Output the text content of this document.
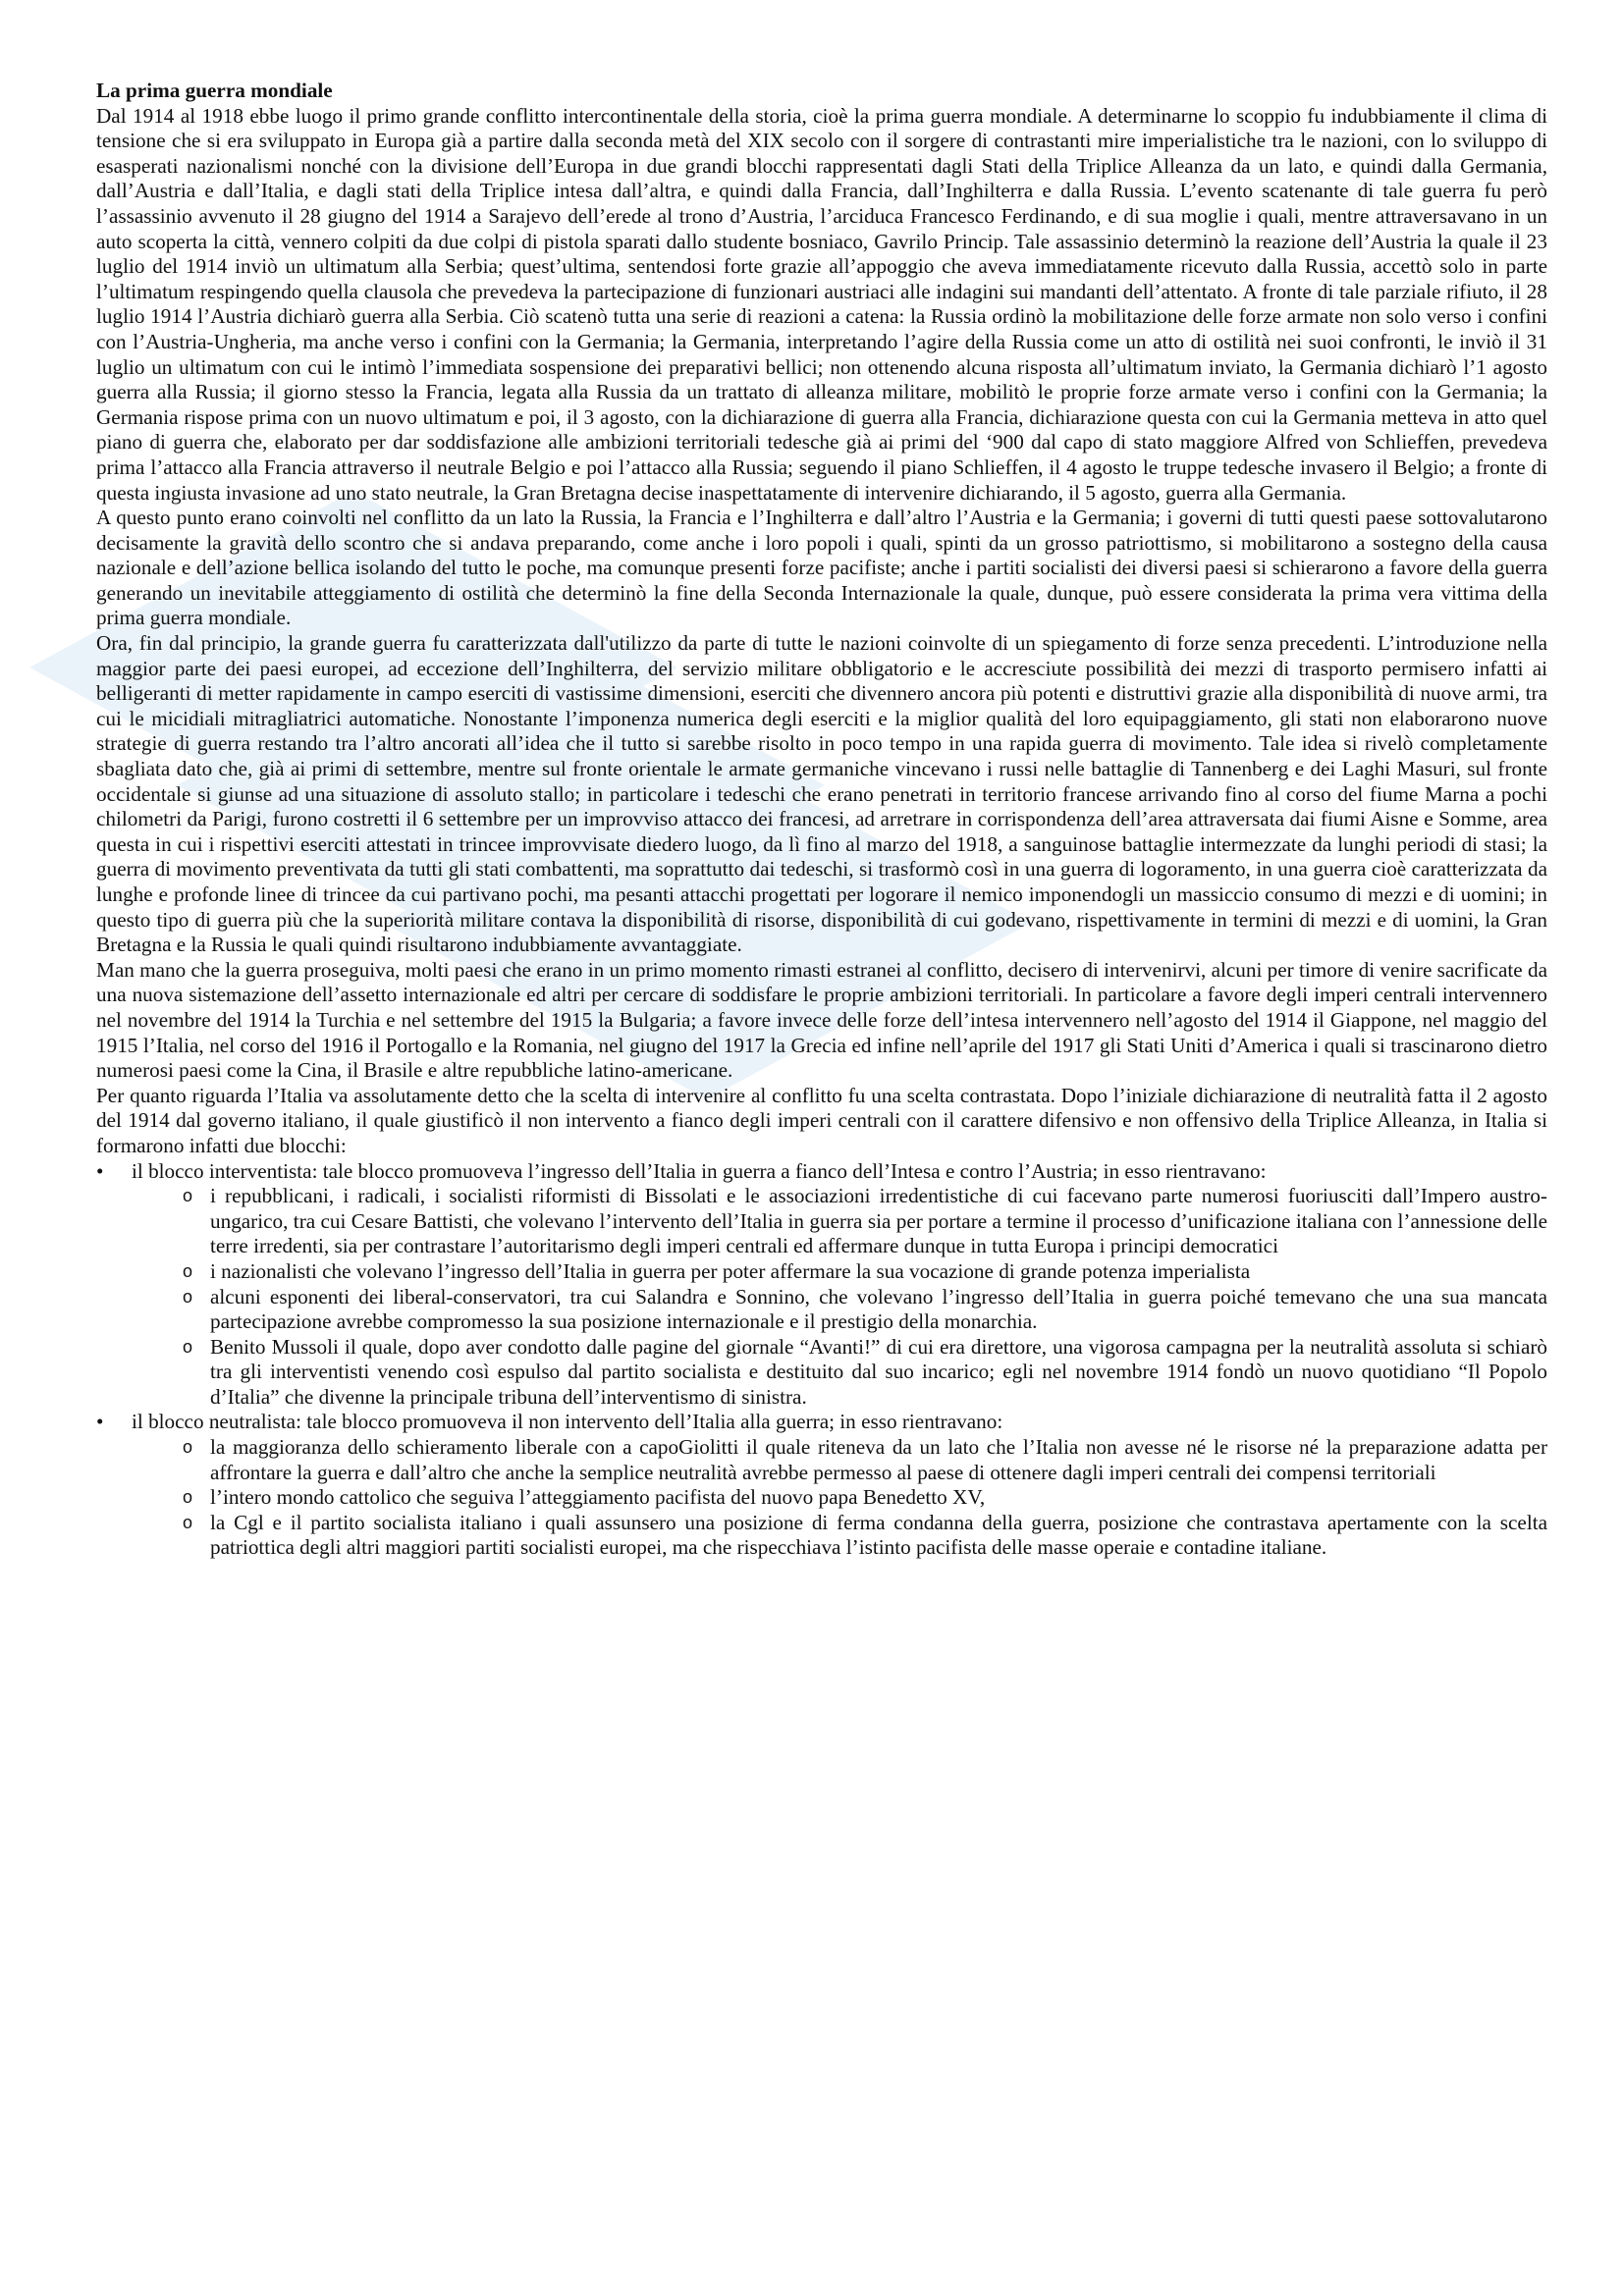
La prima guerra mondiale

Dal 1914 al 1918 ebbe luogo il primo grande conflitto intercontinentale della storia, cioè la prima guerra mondiale. A determinarne lo scoppio fu indubbiamente il clima di tensione che si era sviluppato in Europa già a partire dalla seconda metà del XIX secolo con il sorgere di contrastanti mire imperialistiche tra le nazioni, con lo sviluppo di esasperati nazionalismi nonché con la divisione dell’Europa in due grandi blocchi rappresentati dagli Stati della Triplice Alleanza da un lato, e quindi dalla Germania, dall’Austria e dall’Italia, e dagli stati della Triplice intesa dall’altra, e quindi dalla Francia, dall’Inghilterra e dalla Russia. L’evento scatenante di tale guerra fu però l’assassinio avvenuto il 28 giugno del 1914 a Sarajevo dell’erede al trono d’Austria, l’arciduca Francesco Ferdinando, e di sua moglie i quali, mentre attraversavano in un auto scoperta la città, vennero colpiti da due colpi di pistola sparati dallo studente bosniaco, Gavrilo Princip. Tale assassinio determinò la reazione dell’Austria la quale il 23 luglio del 1914 inviò un ultimatum alla Serbia; quest’ultima, sentendosi forte grazie all’appoggio che aveva immediatamente ricevuto dalla Russia, accettò solo in parte l’ultimatum respingendo quella clausola che prevedeva la partecipazione di funzionari austriaci alle indagini sui mandanti dell’attentato. A fronte di tale parziale rifiuto, il 28 luglio 1914 l’Austria dichiarò guerra alla Serbia. Ciò scatenò tutta una serie di reazioni a catena: la Russia ordinò la mobilitazione delle forze armate non solo verso i confini con l’Austria-Ungheria, ma anche verso i confini con la Germania; la Germania, interpretando l’agire della Russia come un atto di ostilità nei suoi confronti, le inviò il 31 luglio un ultimatum con cui le intimò l’immediata sospensione dei preparativi bellici; non ottenendo alcuna risposta all’ultimatum inviato, la Germania dichiarò l’1 agosto guerra alla Russia; il giorno stesso la Francia, legata alla Russia da un trattato di alleanza militare, mobilitò le proprie forze armate verso i confini con la Germania; la Germania rispose prima con un nuovo ultimatum e poi, il 3 agosto, con la dichiarazione di guerra alla Francia, dichiarazione questa con cui la Germania metteva in atto quel piano di guerra che, elaborato per dar soddisfazione alle ambizioni territoriali tedesche già ai primi del ‘900 dal capo di stato maggiore Alfred von Schlieffen, prevedeva prima l’attacco alla Francia attraverso il neutrale Belgio e poi l’attacco alla Russia; seguendo il piano Schlieffen, il 4 agosto le truppe tedesche invasero il Belgio; a fronte di questa ingiusta invasione ad uno stato neutrale, la Gran Bretagna decise inaspettatamente di intervenire dichiarando, il 5 agosto, guerra alla Germania.

A questo punto erano coinvolti nel conflitto da un lato la Russia, la Francia e l’Inghilterra e dall’altro l’Austria e la Germania; i governi di tutti questi paese sottovalutarono decisamente la gravità dello scontro che si andava preparando, come anche i loro popoli i quali, spinti da un grosso patriottismo, si mobilitarono a sostegno della causa nazionale e dell’azione bellica isolando del tutto le poche, ma comunque presenti forze pacifiste; anche i partiti socialisti dei diversi paesi si schierarono a favore della guerra generando un inevitabile atteggiamento di ostilità che determinò la fine della Seconda Internazionale la quale, dunque, può essere considerata la prima vera vittima della prima guerra mondiale.

Ora, fin dal principio, la grande guerra fu caratterizzata dall'utilizzo da parte di tutte le nazioni coinvolte di un spiegamento di forze senza precedenti. L’introduzione nella maggior parte dei paesi europei, ad eccezione dell’Inghilterra, del servizio militare obbligatorio e le accresciute possibilità dei mezzi di trasporto permisero infatti ai belligeranti di metter rapidamente in campo eserciti di vastissime dimensioni, eserciti che divennero ancora più potenti e distruttivi grazie alla disponibilità di nuove armi, tra cui le micidiali mitragliatrici automatiche. Nonostante l’imponenza numerica degli eserciti e la miglior qualità del loro equipaggiamento, gli stati non elaborarono nuove strategie di guerra restando tra l’altro ancorati all’idea che il tutto si sarebbe risolto in poco tempo in una rapida guerra di movimento. Tale idea si rivelò completamente sbagliata dato che, già ai primi di settembre, mentre sul fronte orientale le armate germaniche vincevano i russi nelle battaglie di Tannenberg e dei Laghi Masuri, sul fronte occidentale si giunse ad una situazione di assoluto stallo; in particolare i tedeschi che erano penetrati in territorio francese arrivando fino al corso del fiume Marna a pochi chilometri da Parigi, furono costretti il 6 settembre per un improvviso attacco dei francesi, ad arretrare in corrispondenza dell’area attraversata dai fiumi Aisne e Somme, area questa in cui i rispettivi eserciti attestati in trincee improvvisate diedero luogo, da lì fino al marzo del 1918, a sanguinose battaglie intermezzate da lunghi periodi di stasi; la guerra di movimento preventivata da tutti gli stati combattenti, ma soprattutto dai tedeschi, si trasformò così in una guerra di logoramento, in una guerra cioè caratterizzata da lunghe e profonde linee di trincee da cui partivano pochi, ma pesanti attacchi progettati per logorare il nemico imponendogli un massiccio consumo di mezzi e di uomini; in questo tipo di guerra più che la superiorità militare contava la disponibilità di risorse, disponibilità di cui godevano, rispettivamente in termini di mezzi e di uomini, la Gran Bretagna e la Russia le quali quindi risultarono indubbiamente avvantaggiate.

Man mano che la guerra proseguiva, molti paesi che erano in un primo momento rimasti estranei al conflitto, decisero di intervenirvi, alcuni per timore di venire sacrificate da una nuova sistemazione dell’assetto internazionale ed altri per cercare di soddisfare le proprie ambizioni territoriali. In particolare a favore degli imperi centrali intervennero nel novembre del 1914 la Turchia e nel settembre del 1915 la Bulgaria; a favore invece delle forze dell’intesa intervennero nell’agosto del 1914 il Giappone, nel maggio del 1915 l’Italia, nel corso del 1916 il Portogallo e la Romania, nel giugno del 1917 la Grecia ed infine nell’aprile del 1917 gli Stati Uniti d’America i quali si trascinarono dietro numerosi paesi come la Cina, il Brasile e altre repubbliche latino-americane.

Per quanto riguarda l’Italia va assolutamente detto che la scelta di intervenire al conflitto fu una scelta contrastata. Dopo l’iniziale dichiarazione di neutralità fatta il 2 agosto del 1914 dal governo italiano, il quale giustificò il non intervento a fianco degli imperi centrali con il carattere difensivo e non offensivo della Triplice Alleanza, in Italia si formarono infatti due blocchi:

• il blocco interventista: tale blocco promuoveva l’ingresso dell’Italia in guerra a fianco dell’Intesa e contro l’Austria; in esso rientravano:
o i repubblicani, i radicali, i socialisti riformisti di Bissolati e le associazioni irredentistiche di cui facevano parte numerosi fuoriusciti dall’Impero austro-ungarico, tra cui Cesare Battisti, che volevano l’intervento dell’Italia in guerra sia per portare a termine il processo d’unificazione italiana con l’annessione delle terre irredenti, sia per contrastare l’autoritarismo degli imperi centrali ed affermare dunque in tutta Europa i principi democratici
o i nazionalisti che volevano l’ingresso dell’Italia in guerra per poter affermare la sua vocazione di grande potenza imperialista
o alcuni esponenti dei liberal-conservatori, tra cui Salandra e Sonnino, che volevano l’ingresso dell’Italia in guerra poiché temevano che una sua mancata partecipazione avrebbe compromesso la sua posizione internazionale e il prestigio della monarchia.
o Benito Mussoli il quale, dopo aver condotto dalle pagine del giornale “Avanti!” di cui era direttore, una vigorosa campagna per la neutralità assoluta si schiarò tra gli interventisti venendo così espulso dal partito socialista e destituito dal suo incarico; egli nel novembre 1914 fondò un nuovo quotidiano “Il Popolo d’Italia” che divenne la principale tribuna dell’interventismo di sinistra.
• il blocco neutralista: tale blocco promuoveva il non intervento dell’Italia alla guerra; in esso rientravano:
o la maggioranza dello schieramento liberale con a capoGiolitti il quale riteneva da un lato che l’Italia non avesse né le risorse né la preparazione adatta per affrontare la guerra e dall’altro che anche la semplice neutralità avrebbe permesso al paese di ottenere dagli imperi centrali dei compensi territoriali
o l’intero mondo cattolico che seguiva l’atteggiamento pacifista del nuovo papa Benedetto XV,
o la Cgl e il partito socialista italiano i quali assunsero una posizione di ferma condanna della guerra, posizione che contrastava apertamente con la scelta patriottica degli altri maggiori partiti socialisti europei, ma che rispecchiava l’istinto pacifista delle masse operaie e contadine italiane.
